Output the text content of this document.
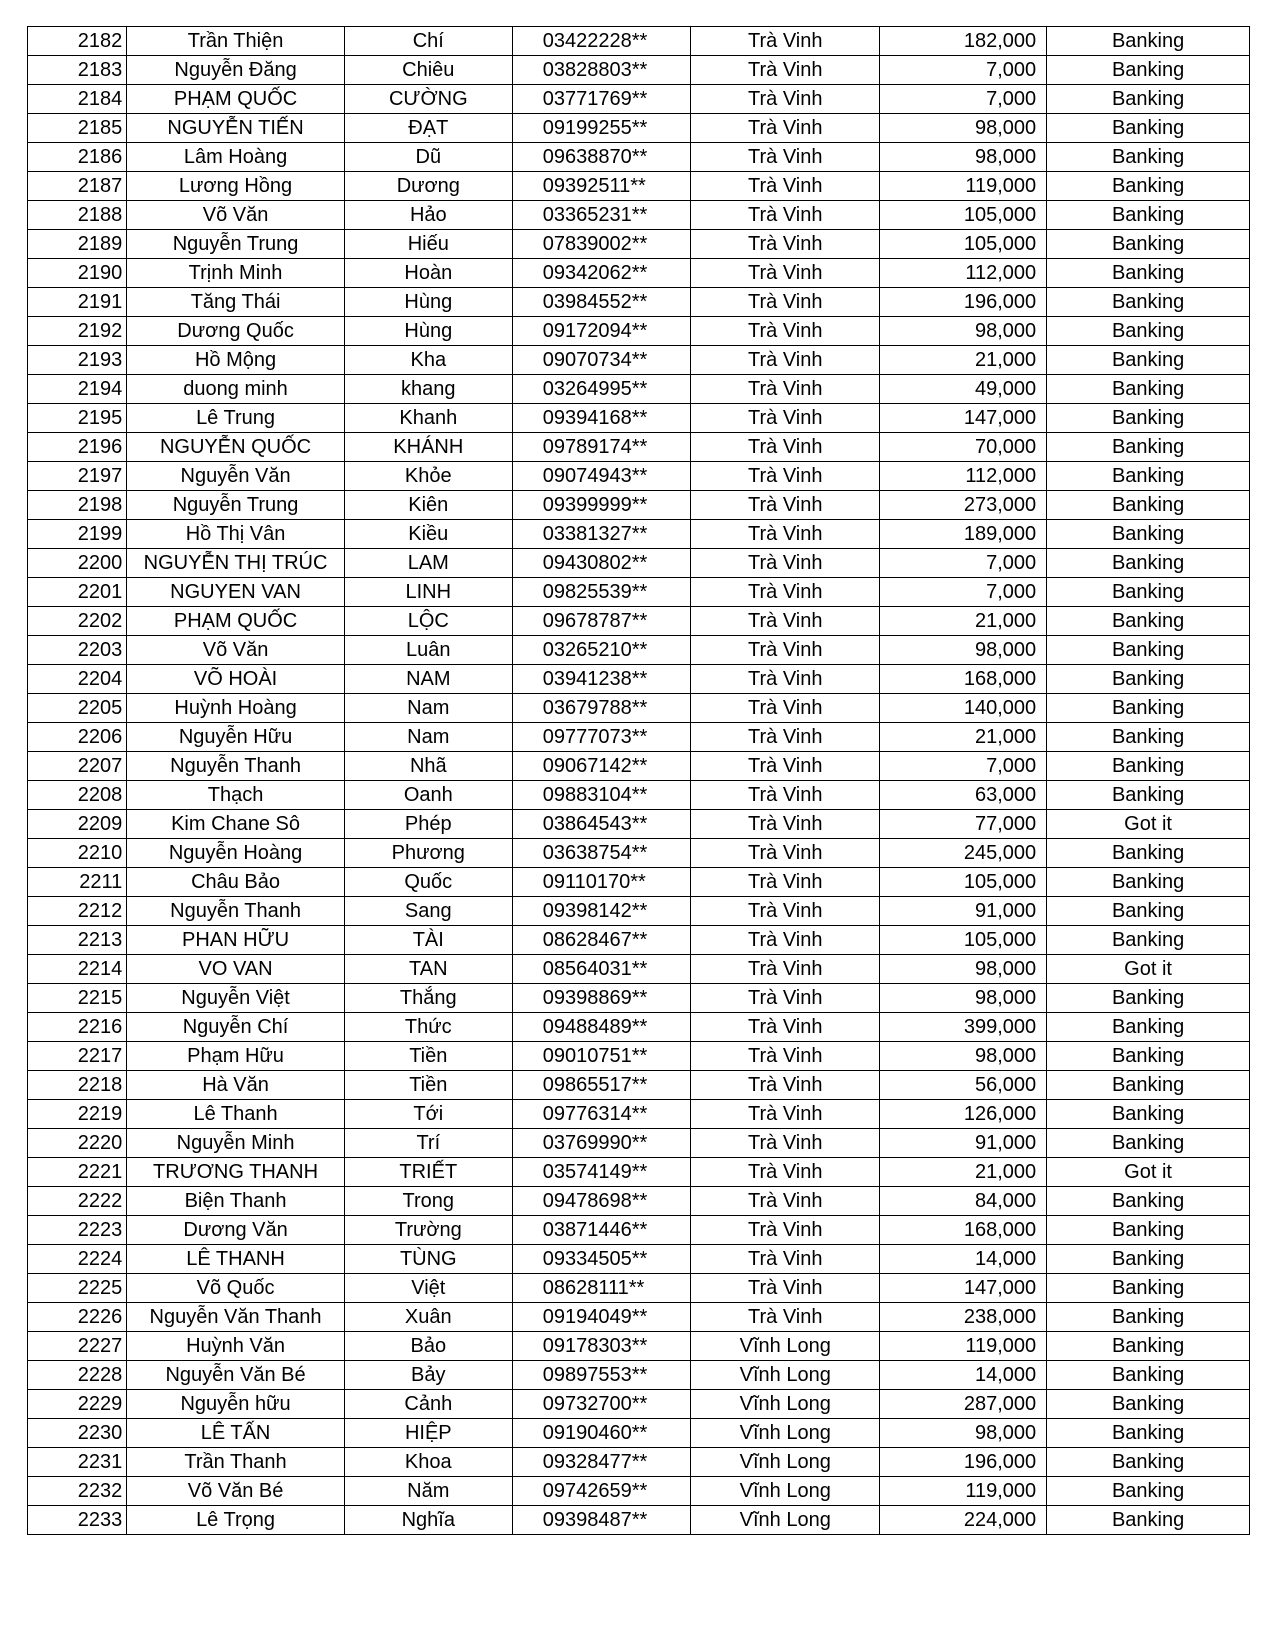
2182	Trần Thiện	Chí	03422228**	Trà Vinh	182,000	Banking
2183	Nguyễn Đăng	Chiêu	03828803**	Trà Vinh	7,000	Banking
2184	PHẠM QUỐC	CƯỜNG	03771769**	Trà Vinh	7,000	Banking
2185	NGUYỄN TIẾN	ĐẠT	09199255**	Trà Vinh	98,000	Banking
2186	Lâm Hoàng	Dũ	09638870**	Trà Vinh	98,000	Banking
2187	Lương Hồng	Dương	09392511**	Trà Vinh	119,000	Banking
2188	Võ Văn	Hảo	03365231**	Trà Vinh	105,000	Banking
2189	Nguyễn Trung	Hiếu	07839002**	Trà Vinh	105,000	Banking
2190	Trịnh Minh	Hoàn	09342062**	Trà Vinh	112,000	Banking
2191	Tăng Thái	Hùng	03984552**	Trà Vinh	196,000	Banking
2192	Dương Quốc	Hùng	09172094**	Trà Vinh	98,000	Banking
2193	Hồ Mộng	Kha	09070734**	Trà Vinh	21,000	Banking
2194	duong minh	khang	03264995**	Trà Vinh	49,000	Banking
2195	Lê Trung	Khanh	09394168**	Trà Vinh	147,000	Banking
2196	NGUYỄN QUỐC	KHÁNH	09789174**	Trà Vinh	70,000	Banking
2197	Nguyễn Văn	Khỏe	09074943**	Trà Vinh	112,000	Banking
2198	Nguyễn Trung	Kiên	09399999**	Trà Vinh	273,000	Banking
2199	Hồ Thị Vân	Kiều	03381327**	Trà Vinh	189,000	Banking
2200	NGUYỄN THỊ TRÚC	LAM	09430802**	Trà Vinh	7,000	Banking
2201	NGUYEN VAN	LINH	09825539**	Trà Vinh	7,000	Banking
2202	PHẠM QUỐC	LỘC	09678787**	Trà Vinh	21,000	Banking
2203	Võ Văn	Luân	03265210**	Trà Vinh	98,000	Banking
2204	VÕ HOÀI	NAM	03941238**	Trà Vinh	168,000	Banking
2205	Huỳnh Hoàng	Nam	03679788**	Trà Vinh	140,000	Banking
2206	Nguyễn Hữu	Nam	09777073**	Trà Vinh	21,000	Banking
2207	Nguyễn Thanh	Nhã	09067142**	Trà Vinh	7,000	Banking
2208	Thạch	Oanh	09883104**	Trà Vinh	63,000	Banking
2209	Kim Chane Sô	Phép	03864543**	Trà Vinh	77,000	Got it
2210	Nguyễn Hoàng	Phương	03638754**	Trà Vinh	245,000	Banking
2211	Châu Bảo	Quốc	09110170**	Trà Vinh	105,000	Banking
2212	Nguyễn Thanh	Sang	09398142**	Trà Vinh	91,000	Banking
2213	PHAN HỮU	TÀI	08628467**	Trà Vinh	105,000	Banking
2214	VO VAN	TAN	08564031**	Trà Vinh	98,000	Got it
2215	Nguyễn Việt	Thắng	09398869**	Trà Vinh	98,000	Banking
2216	Nguyễn Chí	Thức	09488489**	Trà Vinh	399,000	Banking
2217	Phạm Hữu	Tiền	09010751**	Trà Vinh	98,000	Banking
2218	Hà Văn	Tiền	09865517**	Trà Vinh	56,000	Banking
2219	Lê Thanh	Tới	09776314**	Trà Vinh	126,000	Banking
2220	Nguyễn Minh	Trí	03769990**	Trà Vinh	91,000	Banking
2221	TRƯƠNG THANH	TRIẾT	03574149**	Trà Vinh	21,000	Got it
2222	Biện Thanh	Trong	09478698**	Trà Vinh	84,000	Banking
2223	Dương Văn	Trường	03871446**	Trà Vinh	168,000	Banking
2224	LÊ THANH	TÙNG	09334505**	Trà Vinh	14,000	Banking
2225	Võ Quốc	Việt	08628111**	Trà Vinh	147,000	Banking
2226	Nguyễn Văn Thanh	Xuân	09194049**	Trà Vinh	238,000	Banking
2227	Huỳnh Văn	Bảo	09178303**	Vĩnh Long	119,000	Banking
2228	Nguyễn Văn Bé	Bảy	09897553**	Vĩnh Long	14,000	Banking
2229	Nguyễn hữu	Cảnh	09732700**	Vĩnh Long	287,000	Banking
2230	LÊ TẤN	HIỆP	09190460**	Vĩnh Long	98,000	Banking
2231	Trần Thanh	Khoa	09328477**	Vĩnh Long	196,000	Banking
2232	Võ Văn Bé	Năm	09742659**	Vĩnh Long	119,000	Banking
2233	Lê Trọng	Nghĩa	09398487**	Vĩnh Long	224,000	Banking
